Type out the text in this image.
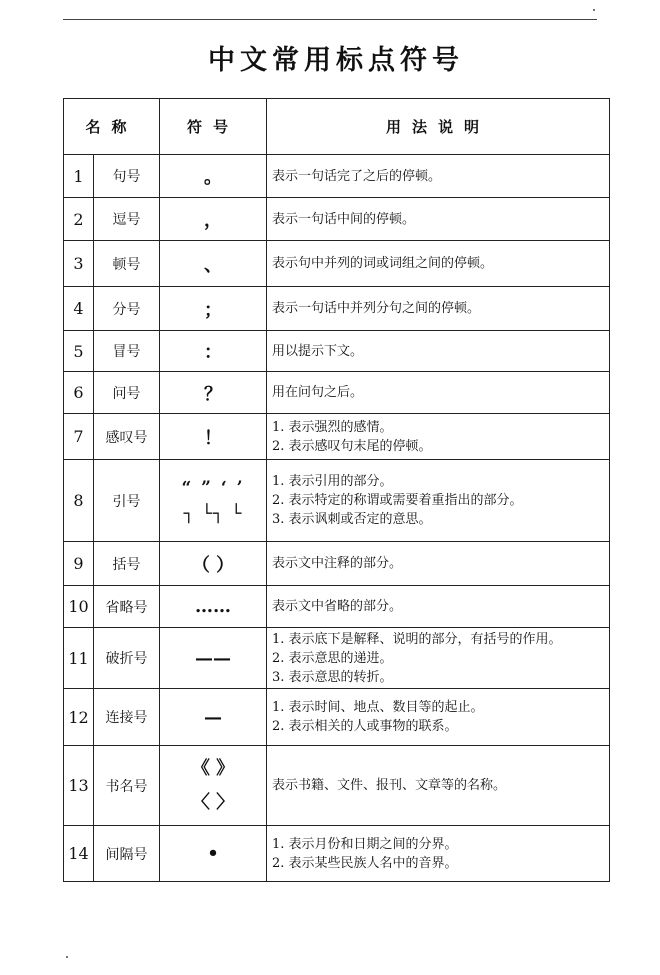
中文常用标点符号
名称		符号	用法说明
1	句号	。	表示一句话完了之后的停顿。

2	逗号	，	表示一句话中间的停顿。

3	顿号	、	表示句中并列的词或词组之间的停顿。

4	分号	；	表示一句话中并列分句之间的停顿。

5	冒号	：	用以提示下文。

6	问号	？	用在问句之后。

7	感叹号	！	1. 表示强烈的感情。
2. 表示感叹句末尾的停顿。

8	引号	“ ” ‘ ’
┐ └┐ └	1. 表示引用的部分。
2. 表示特定的称谓或需要着重指出的部分。
3. 表示讽刺或否定的意思。

9	括号	（ ）	表示文中注释的部分。

10	省略号	……	表示文中省略的部分。

11	破折号	——	1. 表示底下是解释、说明的部分，有括号的作用。
2. 表示意思的递进。
3. 表示意思的转折。

12	连接号	—	1. 表示时间、地点、数目等的起止。
2. 表示相关的人或事物的联系。

13	书名号	《 》
〈 〉	表示书籍、文件、报刊、文章等的名称。

14	间隔号	•	1. 表示月份和日期之间的分界。
2. 表示某些民族人名中的音界。
